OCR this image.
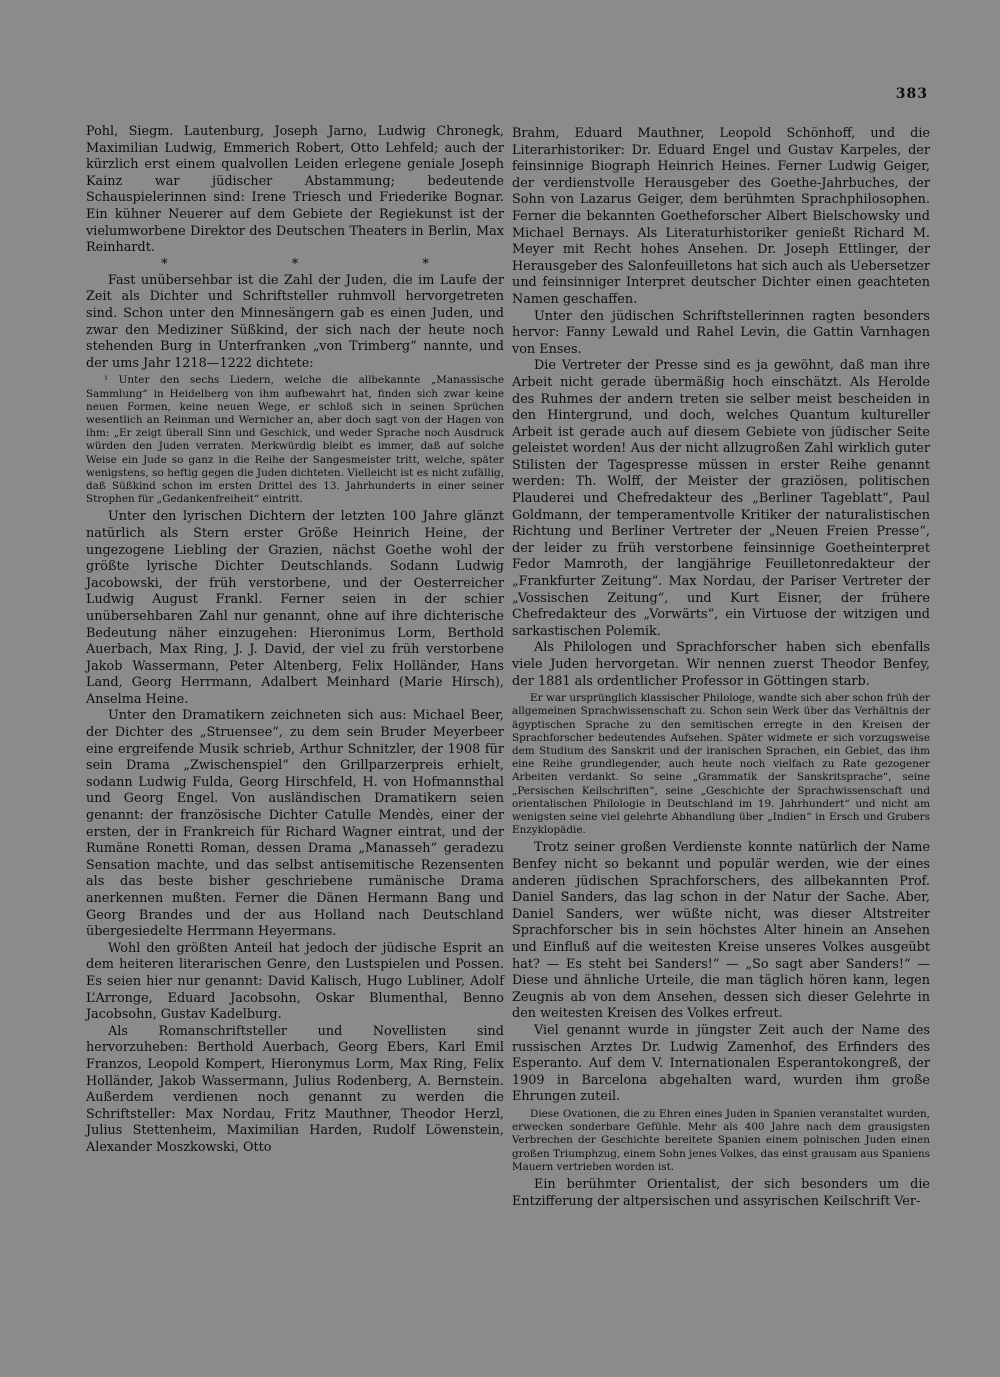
383

Pohl, Siegm. Lautenburg, Joseph Jarno, Ludwig Chronegk, Maximilian Ludwig, Emmerich Robert, Otto Lehfeld; auch der kürzlich erst einem qualvollen Leiden erlegene geniale Joseph Kainz war jüdischer Abstammung; bedeutende Schauspielerinnen sind: Irene Triesch und Friederike Bognar. Ein kühner Neuerer auf dem Gebiete der Regiekunst ist der vielumworbene Direktor des Deutschen Theaters in Berlin, Max Reinhardt.

* * *

Fast unübersehbar ist die Zahl der Juden, die im Laufe der Zeit als Dichter und Schriftsteller ruhmvoll hervorgetreten sind. Schon unter den Minnesängern gab es einen Juden, und zwar den Mediziner Süßkind, der sich nach der heute noch stehenden Burg in Unterfranken „von Trimberg“ nannte, und der ums Jahr 1218—1222 dichtete:

¹ Unter den sechs Liedern, welche die allbekannte „Manassische Sammlung“ in Heidelberg von ihm aufbewahrt hat, finden sich zwar keine neuen Formen, keine neuen Wege, er schloß sich in seinen Sprüchen wesentlich an Reinman und Wernicher an, aber doch sagt von der Hagen von ihm: „Er zeigt überall Sinn und Geschick, und weder Sprache noch Ausdruck würden den Juden verraten. Merkwürdig bleibt es immer, daß auf solche Weise ein Jude so ganz in die Reihe der Sangesmeister tritt, welche, später wenigstens, so heftig gegen die Juden dichteten. Vielleicht ist es nicht zufällig, daß Süßkind schon im ersten Drittel des 13. Jahrhunderts in einer seiner Strophen für „Gedankenfreiheit“ eintritt.

Unter den lyrischen Dichtern der letzten 100 Jahre glänzt natürlich als Stern erster Größe Heinrich Heine, der ungezogene Liebling der Grazien, nächst Goethe wohl der größte lyrische Dichter Deutschlands. Sodann Ludwig Jacobowski, der früh verstorbene, und der Oesterreicher Ludwig August Frankl. Ferner seien in der schier unübersehbaren Zahl nur genannt, ohne auf ihre dichterische Bedeutung näher einzugehen: Hieronimus Lorm, Berthold Auerbach, Max Ring, J. J. David, der viel zu früh verstorbene Jakob Wassermann, Peter Altenberg, Felix Holländer, Hans Land, Georg Herrmann, Adalbert Meinhard (Marie Hirsch), Anselma Heine.

Unter den Dramatikern zeichneten sich aus: Michael Beer, der Dichter des „Struensee“, zu dem sein Bruder Meyerbeer eine ergreifende Musik schrieb, Arthur Schnitzler, der 1908 für sein Drama „Zwischenspiel“ den Grillparzerpreis erhielt, sodann Ludwig Fulda, Georg Hirschfeld, H. von Hofmannsthal und Georg Engel. Von ausländischen Dramatikern seien genannt: der französische Dichter Catulle Mendès, einer der ersten, der in Frankreich für Richard Wagner eintrat, und der Rumäne Ronetti Roman, dessen Drama „Manasseh“ geradezu Sensation machte, und das selbst antisemitische Rezensenten als das beste bisher geschriebene rumänische Drama anerkennen mußten. Ferner die Dänen Hermann Bang und Georg Brandes und der aus Holland nach Deutschland übergesiedelte Herrmann Heyermans.

Wohl den größten Anteil hat jedoch der jüdische Esprit an dem heiteren literarischen Genre, den Lustspielen und Possen. Es seien hier nur genannt: David Kalisch, Hugo Lubliner, Adolf L’Arronge, Eduard Jacobsohn, Oskar Blumenthal, Benno Jacobsohn, Gustav Kadelburg.

Als Romanschriftsteller und Novellisten sind hervorzuheben: Berthold Auerbach, Georg Ebers, Karl Emil Franzos, Leopold Kompert, Hieronymus Lorm, Max Ring, Felix Holländer, Jakob Wassermann, Julius Rodenberg, A. Bernstein. Außerdem verdienen noch genannt zu werden die Schriftsteller: Max Nordau, Fritz Mauthner, Theodor Herzl, Julius Stettenheim, Maximilian Harden, Rudolf Löwenstein, Alexander Moszkowski, Otto

Brahm, Eduard Mauthner, Leopold Schönhoff, und die Literarhistoriker: Dr. Eduard Engel und Gustav Karpeles, der feinsinnige Biograph Heinrich Heines. Ferner Ludwig Geiger, der verdienstvolle Herausgeber des Goethe-Jahrbuches, der Sohn von Lazarus Geiger, dem berühmten Sprachphilosophen. Ferner die bekannten Goetheforscher Albert Bielschowsky und Michael Bernays. Als Literaturhistoriker genießt Richard M. Meyer mit Recht hohes Ansehen. Dr. Joseph Ettlinger, der Herausgeber des Salonfeuilletons hat sich auch als Uebersetzer und feinsinniger Interpret deutscher Dichter einen geachteten Namen geschaffen.

Unter den jüdischen Schriftstellerinnen ragten besonders hervor: Fanny Lewald und Rahel Levin, die Gattin Varnhagen von Enses.

Die Vertreter der Presse sind es ja gewöhnt, daß man ihre Arbeit nicht gerade übermäßig hoch einschätzt. Als Herolde des Ruhmes der andern treten sie selber meist bescheiden in den Hintergrund, und doch, welches Quantum kultureller Arbeit ist gerade auch auf diesem Gebiete von jüdischer Seite geleistet worden! Aus der nicht allzugroßen Zahl wirklich guter Stilisten der Tagespresse müssen in erster Reihe genannt werden: Th. Wolff, der Meister der graziösen, politischen Plauderei und Chefredakteur des „Berliner Tageblatt“, Paul Goldmann, der temperamentvolle Kritiker der naturalistischen Richtung und Berliner Vertreter der „Neuen Freien Presse“, der leider zu früh verstorbene feinsinnige Goetheinterpret Fedor Mamroth, der langjährige Feuilletonredakteur der „Frankfurter Zeitung“. Max Nordau, der Pariser Vertreter der „Vossischen Zeitung“, und Kurt Eisner, der frühere Chefredakteur des „Vorwärts“, ein Virtuose der witzigen und sarkastischen Polemik.

Als Philologen und Sprachforscher haben sich ebenfalls viele Juden hervorgetan. Wir nennen zuerst Theodor Benfey, der 1881 als ordentlicher Professor in Göttingen starb.

Er war ursprünglich klassischer Philologe, wandte sich aber schon früh der allgemeinen Sprachwissenschaft zu. Schon sein Werk über das Verhältnis der ägyptischen Sprache zu den semitischen erregte in den Kreisen der Sprachforscher bedeutendes Aufsehen. Später widmete er sich vorzugsweise dem Studium des Sanskrit und der iranischen Sprachen, ein Gebiet, das ihm eine Reihe grundlegender, auch heute noch vielfach zu Rate gezogener Arbeiten verdankt. So seine „Grammatik der Sanskritsprache“, seine „Persischen Keilschriften“, seine „Geschichte der Sprachwissenschaft und orientalischen Philologie in Deutschland im 19. Jahrhundert“ und nicht am wenigsten seine viel gelehrte Abhandlung über „Indien“ in Ersch und Grubers Enzyklopädie.

Trotz seiner großen Verdienste konnte natürlich der Name Benfey nicht so bekannt und populär werden, wie der eines anderen jüdischen Sprachforschers, des allbekannten Prof. Daniel Sanders, das lag schon in der Natur der Sache. Aber, Daniel Sanders, wer wüßte nicht, was dieser Altstreiter Sprachforscher bis in sein höchstes Alter hinein an Ansehen und Einfluß auf die weitesten Kreise unseres Volkes ausgeübt hat? — Es steht bei Sanders!“ — „So sagt aber Sanders!“ — Diese und ähnliche Urteile, die man täglich hören kann, legen Zeugnis ab von dem Ansehen, dessen sich dieser Gelehrte in den weitesten Kreisen des Volkes erfreut.

Viel genannt wurde in jüngster Zeit auch der Name des russischen Arztes Dr. Ludwig Zamenhof, des Erfinders des Esperanto. Auf dem V. Internationalen Esperantokongreß, der 1909 in Barcelona abgehalten ward, wurden ihm große Ehrungen zuteil.

Diese Ovationen, die zu Ehren eines Juden in Spanien veranstaltet wurden, erwecken sonderbare Gefühle. Mehr als 400 Jahre nach dem grausigsten Verbrechen der Geschichte bereitete Spanien einem polnischen Juden einen großen Triumphzug, einem Sohn jenes Volkes, das einst grausam aus Spaniens Mauern vertrieben worden ist.

Ein berühmter Orientalist, der sich besonders um die Entzifferung der altpersischen und assyrischen Keilschrift Ver-
